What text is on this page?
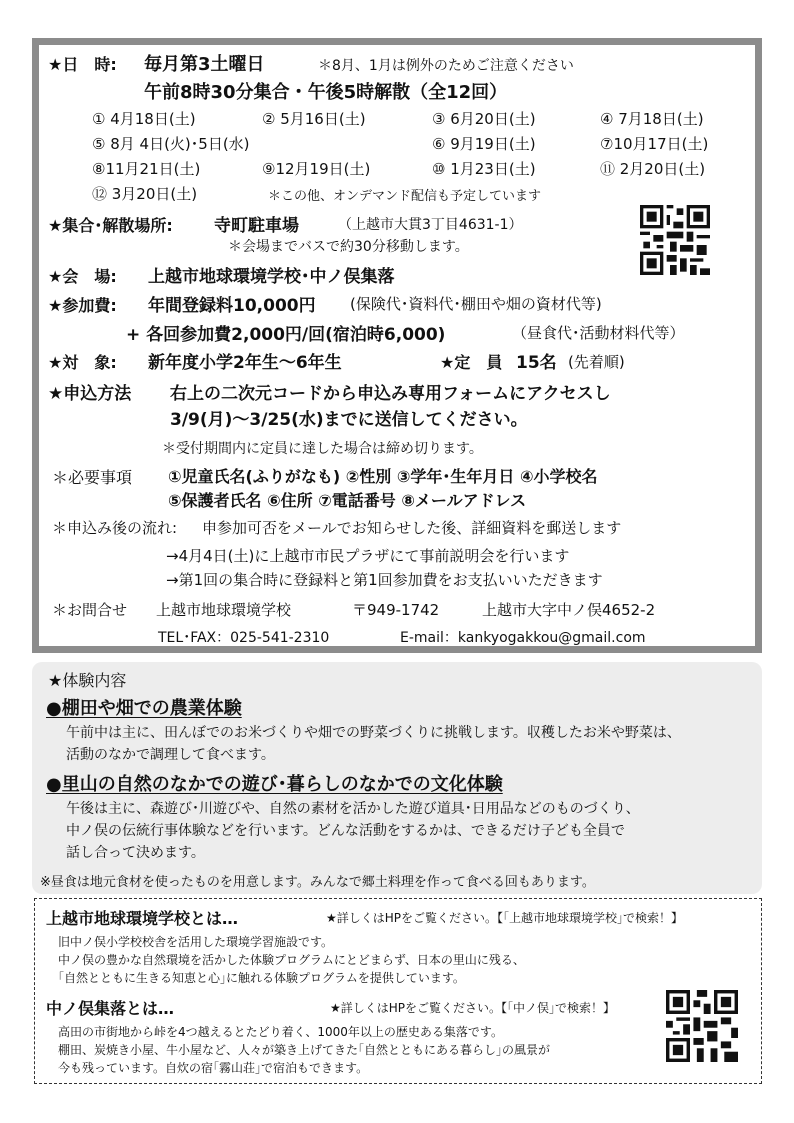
★日　時: 毎月第3土曜日	＊8月、1月は例外のためご注意ください
午前8時30分集合・午後5時解散（全12回）
① 4月18日(土)	② 5月16日(土)	③ 6月20日(土)	④ 7月18日(土)
⑤ 8月 4日(火)･5日(水)	⑥ 9月19日(土)	⑦10月17日(土)
⑧11月21日(土)	⑨12月19日(土)	⑩ 1月23日(土)	⑪ 2月20日(土)
⑫ 3月20日(土)	＊この他、オンデマンド配信も予定しています
★集合･解散場所: 寺町駐車場	（上越市大貫3丁目4631-1）
＊会場までバスで約30分移動します。
★会　場: 上越市地球環境学校･中ノ俣集落
★参加費: 年間登録料10,000円 (保険代･資料代･棚田や畑の資材代等)
+ 各回参加費2,000円/回(宿泊時6,000)	（昼食代･活動材料代等）
★対　象: 新年度小学2年生～6年生	★定　員 15名 (先着順)
★申込方法 右上の二次元コードから申込み専用フォームにアクセスし
3/9(月)～3/25(水)までに送信してください。
＊受付期間内に定員に達した場合は締め切ります。
＊必要事項 ①児童氏名(ふりがなも) ②性別 ③学年･生年月日 ④小学校名
⑤保護者氏名 ⑥住所 ⑦電話番号 ⑧メールアドレス
＊申込み後の流れ: 申参加可否をメールでお知らせした後、詳細資料を郵送します
→4月4日(土)に上越市市民プラザにて事前説明会を行います
→第1回の集合時に登録料と第1回参加費をお支払いいただきます
＊お問合せ 上越市地球環境学校	〒949-1742	上越市大字中ノ俣4652-2
TEL･FAX：025-541-2310	E-mail：kankyogakkou@gmail.com
★体験内容
●棚田や畑での農業体験
午前中は主に、田んぼでのお米づくりや畑での野菜づくりに挑戦します。収穫したお米や野菜は、
活動のなかで調理して食べます。
●里山の自然のなかでの遊び･暮らしのなかでの文化体験
午後は主に、森遊び･川遊びや、自然の素材を活かした遊び道具･日用品などのものづくり、
中ノ俣の伝統行事体験などを行います。どんな活動をするかは、できるだけ子ども全員で
話し合って決めます。
※昼食は地元食材を使ったものを用意します。みんなで郷土料理を作って食べる回もあります。
上越市地球環境学校とは…	★詳しくはHPをご覧ください。【｢上越市地球環境学校｣で検索！】
旧中ノ俣小学校校舎を活用した環境学習施設です。
中ノ俣の豊かな自然環境を活かした体験プログラムにとどまらず、日本の里山に残る、
｢自然とともに生きる知恵と心｣に触れる体験プログラムを提供しています。
中ノ俣集落とは…	★詳しくはHPをご覧ください。【｢中ノ俣｣で検索！】
高田の市街地から峠を4つ越えるとたどり着く、1000年以上の歴史ある集落です。
棚田、炭焼き小屋、牛小屋など、人々が築き上げてきた｢自然とともにある暮らし｣の風景が
今も残っています。自炊の宿｢霧山荘｣で宿泊もできます。
